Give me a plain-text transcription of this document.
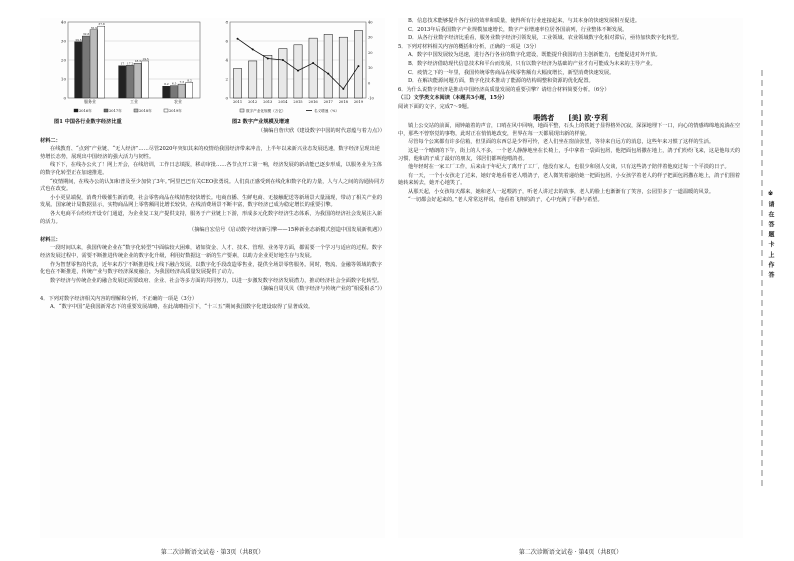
0
10
20
30
40
29.6
32.6
35.9
37.8
服务业
17 17.2
18.3
19.5
工业
6.2 6.5 7.3 8.2
农业
2016年	2017年	2018年	2019年
0
2
4
6
8
-10
0
10
20
30
40
2011 2012 2013 2014 2015 2016 2017 2018 2019
数字产业化规模（万亿）	名义增速（%）
图1 中国各行业数字经济比重	图2 数字产业规模及增速

（摘编自詹庆欣《建设数字中国的时代意蕴与着力点》）

材料二：

在线教育、“点到”产业链、“无人经济”……尽管2020年突如其来的疫情给我国经济带来冲击，上半年以来新兴业态发展迅速，数字经济呈现出逆势增长态势，展现出中国经济的强大活力与韧性。

线下下，在线办公火了！网上开会，在线培训，工作日志填报，移动审批……各节点开工第一响，经济发展的新动能已逐步形成，以服务业为主体的数字化转型正在加速推进。

“疫情期间，在线办公的认知和普及至少加快了3年。”阿里巴巴有关CEO张勇说。人们真正感受到在线化和数字化的力量，人与人之间的沟通协同方式也在改变。

小小更显端倪，消费升级催生新消费，社会零售商品在线销售较快增长。电商直播、生鲜电商、无接触配送等新场景大量涌现，带动了相关产业的发展。国家统计局数据显示，实物商品网上零售额同比增长较快，在线消费场景不断丰富，数字经济已成为稳定增长的重要引擎。

各大电商平台纷纷开设专门通道，为企业复工复产提供支持，服务于产业链上下游，形成多元化数字经济生态体系，为我国的经济社会发展注入新的活力。

（摘编自宏信号《启动数字经济新引擎——15种新业态新模式创造中国发展新机遇》）

材料三：

一段时间以来，我国传统企业在“数字化转型”中面临较大困难，诸如资金、人才、技术、管理、业务等方面，都需要一个学习与适应的过程。数字经济发展过程中，需要不断推进传统企业的数字化升级，利用好数据这一新的生产要素，以助力企业更好地生存与发展。

作为智慧零售的代表，近年来苏宁不断推进线上线下融合发展，以数字化手段改造零售业，提供全场景零售服务。同时，物流、金融等领域的数字化也在不断推进，传统产业与数字经济深度融合，为我国经济高质量发展提供了动力。

数字经济与传统企业的融合发展还需要政府、企业、社会等多方面的共同努力，以进一步激发数字经济发展潜力，推动经济社会全面数字化转型。

（摘编自周贝贝《数字经济与传统产业的“相爱相杀”》）

4．下列对数字经济相关内容的理解和分析，不正确的一项是（3分）

A．“数字中国”是我国新常态下的重要发展战略，在此战略指引下，“十三五”期间我国数字化建设取得了显著成效。

第二次诊断语文试卷 · 第3页（共8页）

B．信息技术能够提升各行业的效率和质量，使得所有行业连接起来，与其本身的快速发展相互促进。

C．2013年后我国数字产业规模加速增长，数字产业增速率位居各国前列，行业整体不断发展。

D．从各行业数字经济比重看，服务业数字经济引领发展，工业领域、农业领域数字化相对滞后，亟待加快数字化转型。

5．下列对材料相关内容的概括和分析，正确的一项是（3分）

A．数字中国发展较为迅速，进行各行各业的数字化建设，既能提升我国的自主创新能力，也能促进对外开放。

B．数字经济借助现代信息技术和平台而发展，只有以数字经济为基础的产业才有可能成为未来的主导产业。

C．疫情之下的一年里，我国传统零售商品在线零售额有大幅度增长，新型消费快速发展。

D．在解决能源问题方面，数字化技术推动了能源的结构调整和资源的优化配置。

6．为什么说数字经济是推动中国经济高质量发展的重要引擎？请结合材料简要分析。（6分）

（三）文学类文本阅读（本题共3小题，15分）

阅读下面的文字，完成7～9题。

喂鸽者　　[美] 欧·亨利

镇上公交站的前面，闹钟敲着的声音，口哨在风中回响，地面平整，石头上的铁链子显得格外沉寂，深深地埋下一口，向心的情感绵绵地流淌在空中，那些不曾察觉的事物，此时正在悄悄地改变，世界在每一天都展现出新的样貌。

尽管每个公寓都有许多信箱，但里面的东西总是少得可怜，老人们坐在窗前张望，等待来自远方的消息，这些年来习惯了这样的生活。

这是一个晴朗的下午，街上的人不多，一个老人静静地坐在长椅上，手中拿着一袋面包屑，他把面包屑撒在地上，鸽子们纷纷飞来，这是他每天的习惯，他和鸽子成了最好的朋友，邻居们都叫他喂鸽者。

他年轻时在一家工厂工作，后来由于年纪大了离开了工厂，他没有家人，也很少和别人交谈，只有这些鸽子陪伴着他度过每一个平淡的日子。

有一天，一个小女孩走了过来，她好奇地看着老人喂鸽子，老人微笑着递给她一把面包屑，小女孩学着老人的样子把面包屑撒在地上，鸽子们围着她转来转去，她开心地笑了。

从那天起，小女孩每天都来，她和老人一起喂鸽子，听老人讲过去的故事，老人的脸上也渐渐有了笑容，公园里多了一道温暖的风景。

“一切都会好起来的。”老人常常这样说，他看着飞翔的鸽子，心中充满了平静与希望。

第二次诊断语文试卷 · 第4页（共8页）
※ 请 在 答 题 卡 上 作 答
